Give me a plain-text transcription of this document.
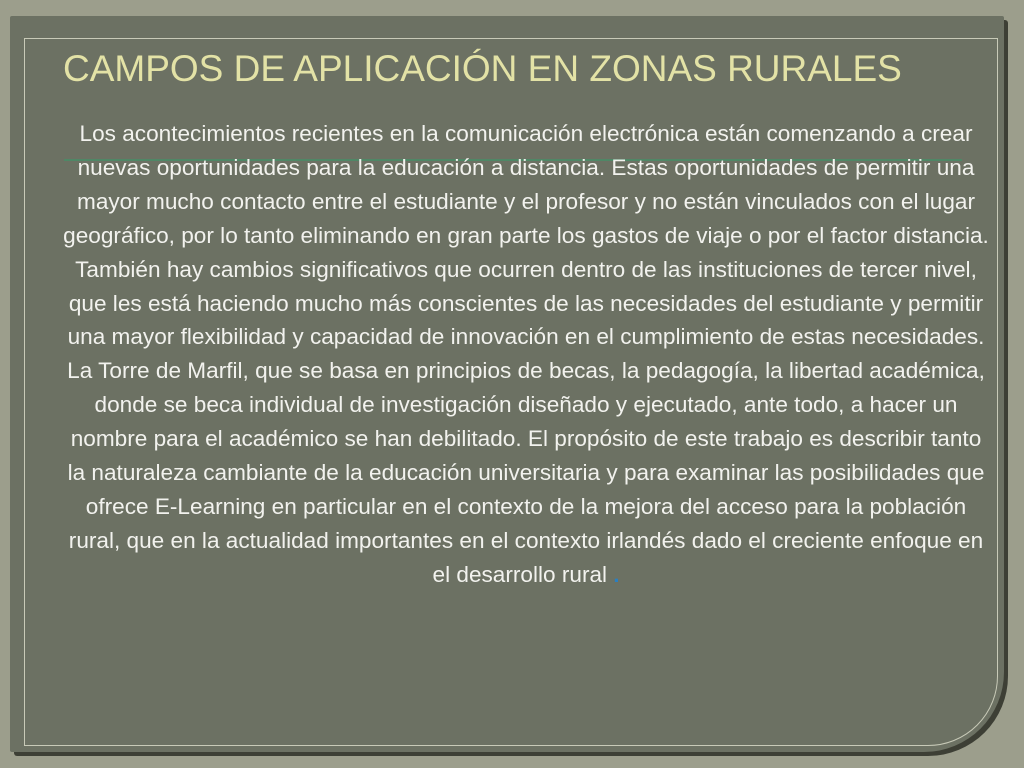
CAMPOS DE APLICACIÓN EN ZONAS RURALES

Los acontecimientos recientes en la comunicación electrónica están comenzando a crear nuevas oportunidades para la educación a distancia. Estas oportunidades de permitir una mayor mucho contacto entre el estudiante y el profesor y no están vinculados con el lugar geográfico, por lo tanto eliminando en gran parte los gastos de viaje o por el factor distancia. También hay cambios significativos que ocurren dentro de las instituciones de tercer nivel, que les está haciendo mucho más conscientes de las necesidades del estudiante y permitir una mayor flexibilidad y capacidad de innovación en el cumplimiento de estas necesidades. La Torre de Marfil, que se basa en principios de becas, la pedagogía, la libertad académica, donde se beca individual de investigación diseñado y ejecutado, ante todo, a hacer un nombre para el académico se han debilitado. El propósito de este trabajo es describir tanto la naturaleza cambiante de la educación universitaria y para examinar las posibilidades que ofrece E-Learning en particular en el contexto de la mejora del acceso para la población rural, que en la actualidad importantes en el contexto irlandés dado el creciente enfoque en el desarrollo rural .
